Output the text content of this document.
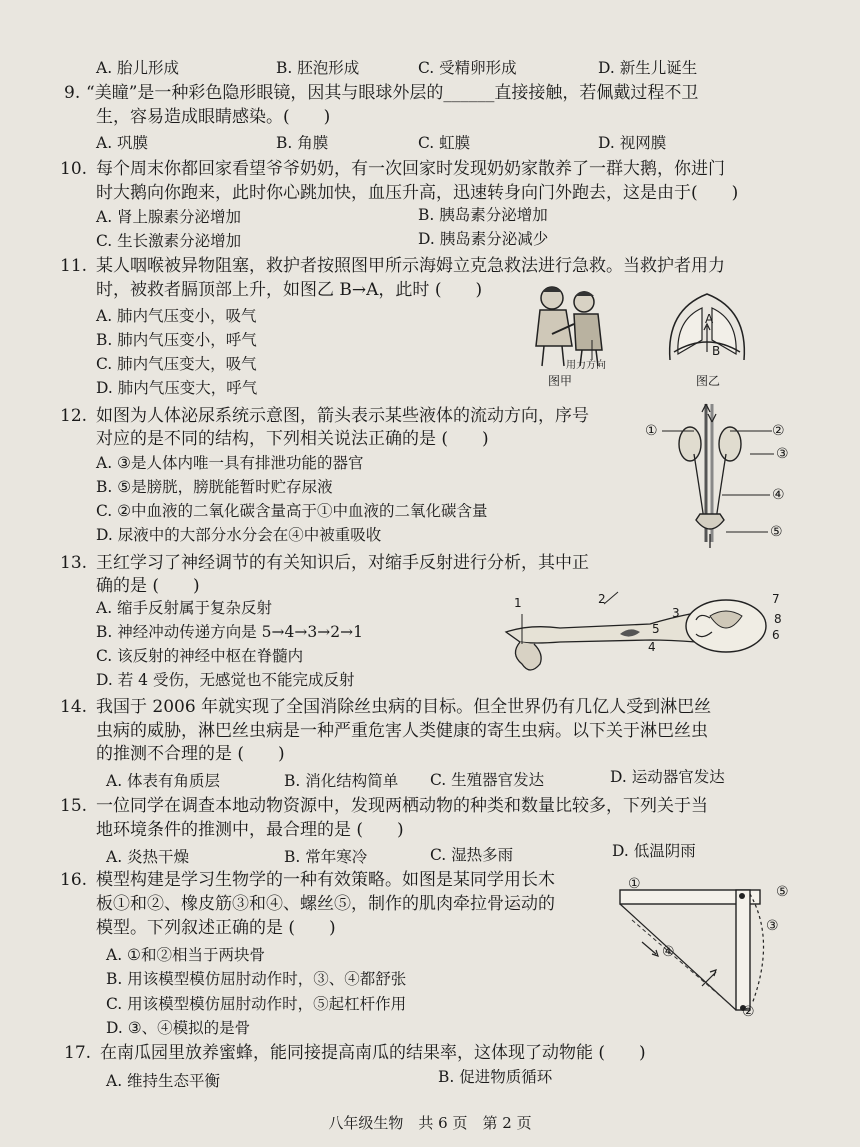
A. 胎儿形成	B. 胚泡形成	C. 受精卵形成	D. 新生儿诞生
9. “美瞳”是一种彩色隐形眼镜，因其与眼球外层的______直接接触，若佩戴过程不卫
生，容易造成眼睛感染。(　　)
A. 巩膜	B. 角膜	C. 虹膜	D. 视网膜
10. 每个周末你都回家看望爷爷奶奶，有一次回家时发现奶奶家散养了一群大鹅，你进门
时大鹅向你跑来，此时你心跳加快，血压升高，迅速转身向门外跑去，这是由于(　　)
A. 肾上腺素分泌增加	B. 胰岛素分泌增加
C. 生长激素分泌增加	D. 胰岛素分泌减少
11. 某人咽喉被异物阻塞，救护者按照图甲所示海姆立克急救法进行急救。当救护者用力
时，被救者膈顶部上升，如图乙 B→A，此时 (　　)
A. 肺内气压变小，吸气
B. 肺内气压变小，呼气
C. 肺内气压变大，吸气
D. 肺内气压变大，呼气
用力方向
图甲
A
B
图乙
12. 如图为人体泌尿系统示意图，箭头表示某些液体的流动方向，序号
对应的是不同的结构，下列相关说法正确的是 (　　)
A. ③是人体内唯一具有排泄功能的器官
B. ⑤是膀胱，膀胱能暂时贮存尿液
C. ②中血液的二氧化碳含量高于①中血液的二氧化碳含量
D. 尿液中的大部分水分会在④中被重吸收
①	②
③
④
⑤
13. 王红学习了神经调节的有关知识后，对缩手反射进行分析，其中正
确的是 (　　)
A. 缩手反射属于复杂反射
B. 神经冲动传递方向是 5→4→3→2→1
C. 该反射的神经中枢在脊髓内
D. 若 4 受伤，无感觉也不能完成反射
1	2
3
4
5	6
7
8
14. 我国于 2006 年就实现了全国消除丝虫病的目标。但全世界仍有几亿人受到淋巴丝
虫病的威胁，淋巴丝虫病是一种严重危害人类健康的寄生虫病。以下关于淋巴丝虫
的推测不合理的是 (　　)
A. 体表有角质层	B. 消化结构简单 C. 生殖器官发达	D. 运动器官发达
15. 一位同学在调查本地动物资源中，发现两栖动物的种类和数量比较多，下列关于当
地环境条件的推测中，最合理的是 (　　)
A. 炎热干燥	B. 常年寒冷	C. 湿热多雨	D. 低温阴雨
16. 模型构建是学习生物学的一种有效策略。如图是某同学用长木
板①和②、橡皮筋③和④、螺丝⑤，制作的肌肉牵拉骨运动的
模型。下列叙述正确的是 (　　)
A. ①和②相当于两块骨
B. 用该模型模仿屈肘动作时，③、④都舒张
C. 用该模型模仿屈肘动作时，⑤起杠杆作用
D. ③、④模拟的是骨
①
②
③
④
⑤
17. 在南瓜园里放养蜜蜂，能同接提高南瓜的结果率，这体现了动物能 (　　)
A. 维持生态平衡	B. 促进物质循环
八年级生物　共 6 页　第 2 页
